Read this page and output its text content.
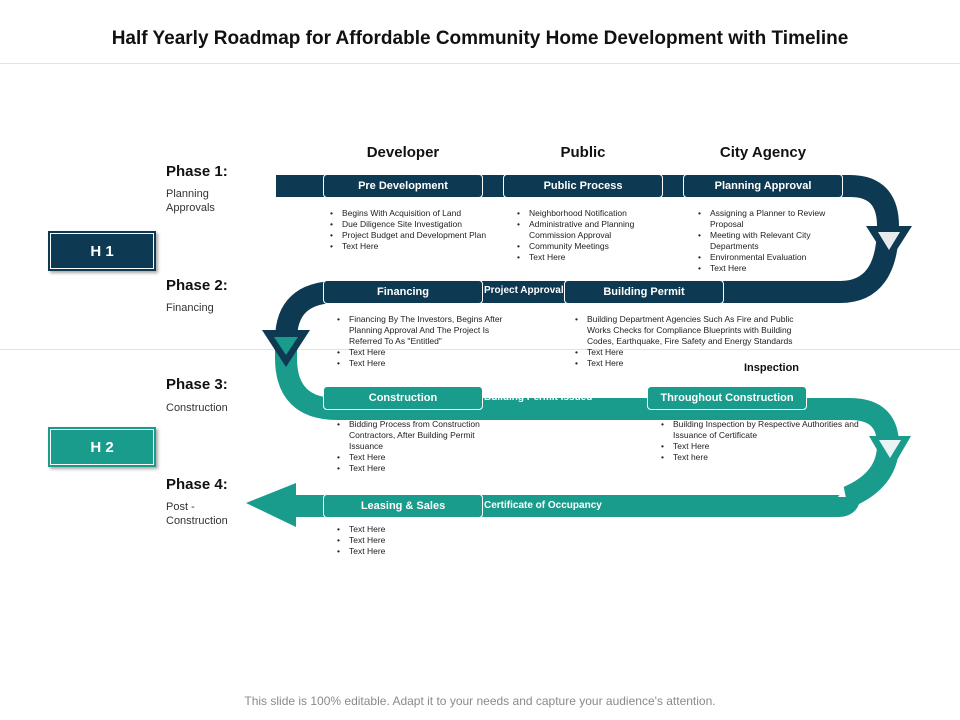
Half Yearly Roadmap for Affordable Community Home Development with Timeline
Developer	Public	City Agency
Phase 1:
Planning Approvals
Phase 2:
Financing
Phase 3:
Construction
Phase 4:
Post - Construction
H 1
H 2
Pre Development	Public Process	Planning Approval
• Begins With Acquisition of Land
• Due Diligence Site Investigation
• Project Budget and Development Plan
• Text Here
• Neighborhood Notification
• Administrative and Planning Commission Approval
• Community Meetings
• Text Here
• Assigning a Planner to Review Proposal
• Meeting with Relevant City Departments
• Environmental Evaluation
• Text Here
Financing	Project Approval	Building Permit
• Financing By The Investors, Begins After Planning Approval And The Project Is Referred To As "Entitled"
• Text Here
• Text Here
• Building Department Agencies Such As Fire and Public Works Checks for Compliance Blueprints with Building Codes, Earthquake, Fire Safety and Energy Standards
• Text Here
• Text Here	Inspection
Construction	Building Permit Issued	Throughout Construction
• Bidding Process from Construction Contractors, After Building Permit Issuance
• Text Here
• Text Here
• Building Inspection by Respective Authorities and Issuance of Certificate
• Text Here
• Text here
Leasing & Sales	Certificate of Occupancy
• Text Here
• Text Here
• Text Here
This slide is 100% editable. Adapt it to your needs and capture your audience's attention.
